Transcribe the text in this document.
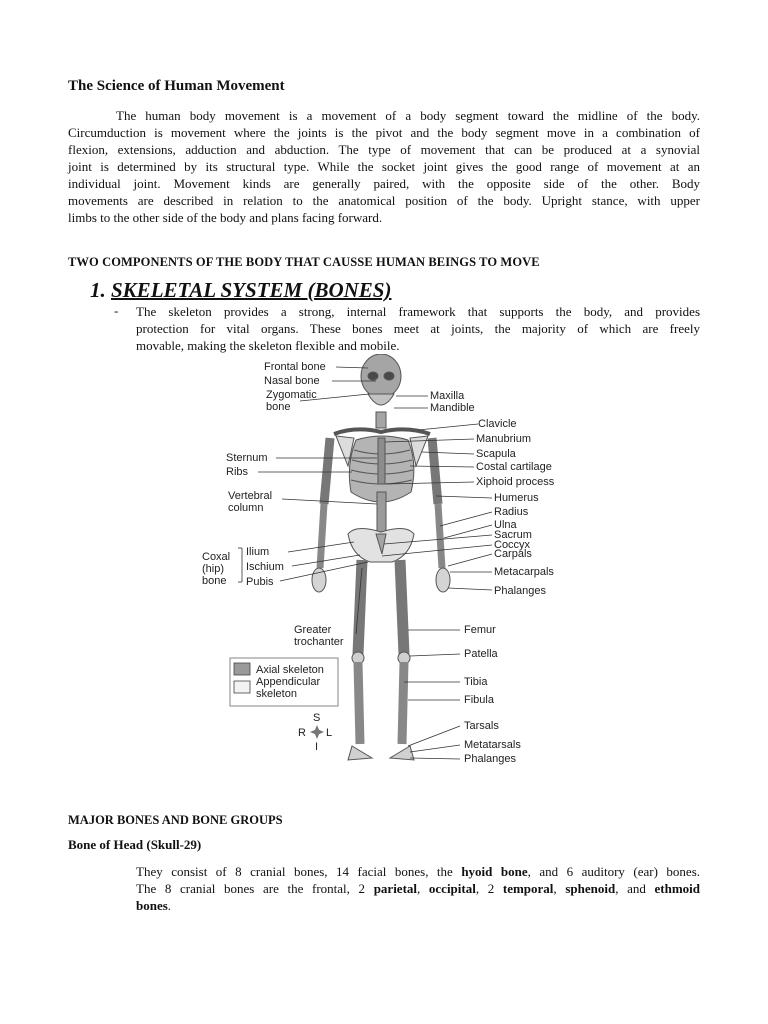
The Science of Human Movement
The human body movement is a movement of a body segment toward the midline of the body.
Circumduction is movement where the joints is the pivot and the body segment move in a combination of
flexion, extensions, adduction and abduction. The type of movement that can be produced at a synovial
joint is determined by its structural type. While the socket joint gives the good range of movement at an
individual joint. Movement kinds are generally paired, with the opposite side of the other. Body
movements are described in relation to the anatomical position of the body. Upright stance, with upper
limbs to the other side of the body and plans facing forward.
TWO COMPONENTS OF THE BODY THAT CAUSSE HUMAN BEINGS TO MOVE
1. SKELETAL SYSTEM (BONES)
- The skeleton provides a strong, internal framework that supports the body, and provides
protection for vital organs. These bones meet at joints, the majority of which are freely
movable, making the skeleton flexible and mobile.
Frontal bone
Nasal bone
Zygomatic
bone
Sternum
Ribs
Vertebral
column
Coxal
(hip)
bone
Ilium
Ischium
Pubis
Greater
trochanter
Maxilla
Mandible
Clavicle
Manubrium
Scapula
Costal cartilage
Xiphoid process
Humerus
Radius
Ulna
Sacrum
Coccyx
Carpals
Metacarpals
Phalanges
Femur
Patella
Tibia
Fibula
Tarsals
Metatarsals
Phalanges
Axial skeleton
Appendicular
skeleton
S
R L
I
MAJOR BONES AND BONE GROUPS
Bone of Head (Skull-29)
They consist of 8 cranial bones, 14 facial bones, the hyoid bone, and 6 auditory (ear) bones.
The 8 cranial bones are the frontal, 2 parietal, occipital, 2 temporal, sphenoid, and ethmoid
bones.
